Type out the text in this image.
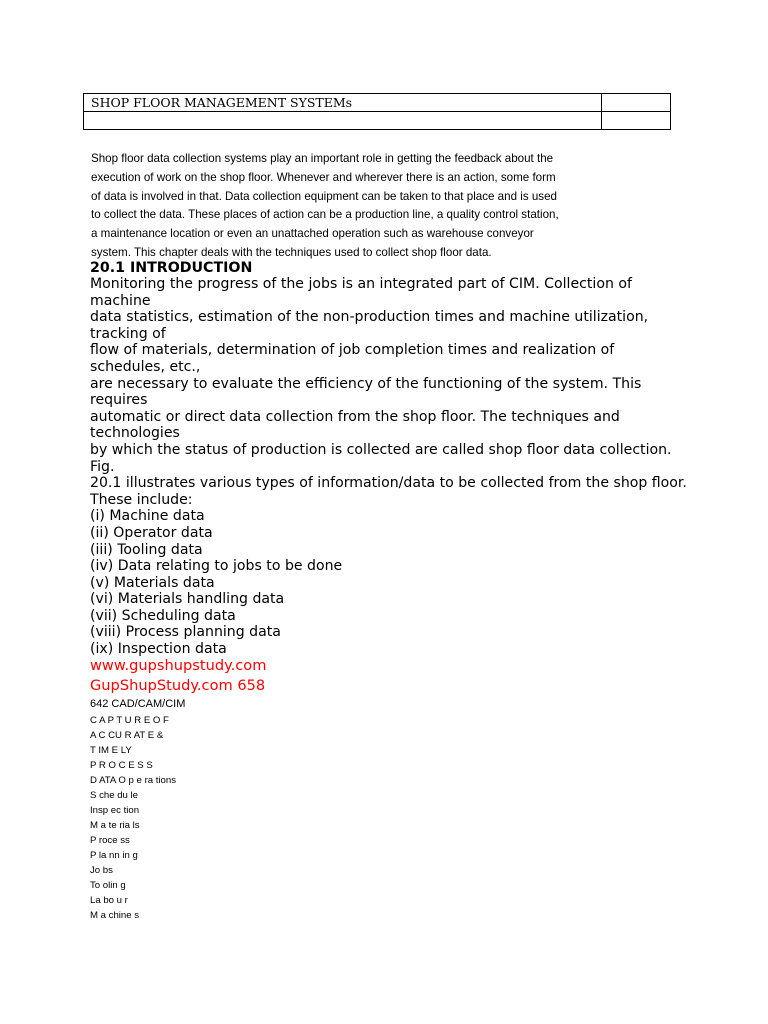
SHOP FLOOR MANAGEMENT SYSTEMs	

Shop floor data collection systems play an important role in getting the feedback about the
execution of work on the shop floor. Whenever and wherever there is an action, some form
of data is involved in that. Data collection equipment can be taken to that place and is used
to collect the data. These places of action can be a production line, a quality control station,
a maintenance location or even an unattached operation such as warehouse conveyor
system. This chapter deals with the techniques used to collect shop floor data.
20.1 INTRODUCTION
Monitoring the progress of the jobs is an integrated part of CIM. Collection of
machine
data statistics, estimation of the non-production times and machine utilization,
tracking of
flow of materials, determination of job completion times and realization of
schedules, etc.,
are necessary to evaluate the efficiency of the functioning of the system. This
requires
automatic or direct data collection from the shop floor. The techniques and
technologies
by which the status of production is collected are called shop floor data collection.
Fig.
20.1 illustrates various types of information/data to be collected from the shop floor.
These include:
(i) Machine data
(ii) Operator data
(iii) Tooling data
(iv) Data relating to jobs to be done
(v) Materials data
(vi) Materials handling data
(vii) Scheduling data
(viii) Process planning data
(ix) Inspection data
www.gupshupstudy.com
GupShupStudy.com 658
642 CAD/CAM/CIM
C A P T U R E O F
A C CU R AT E &
T IM E LY
P R O C E S S
D ATA O p e ra tions
S che du le
Insp ec tion
M a te ria ls
P roce ss
P la nn in g
Jo bs
To olin g
La bo u r
M a chine s
